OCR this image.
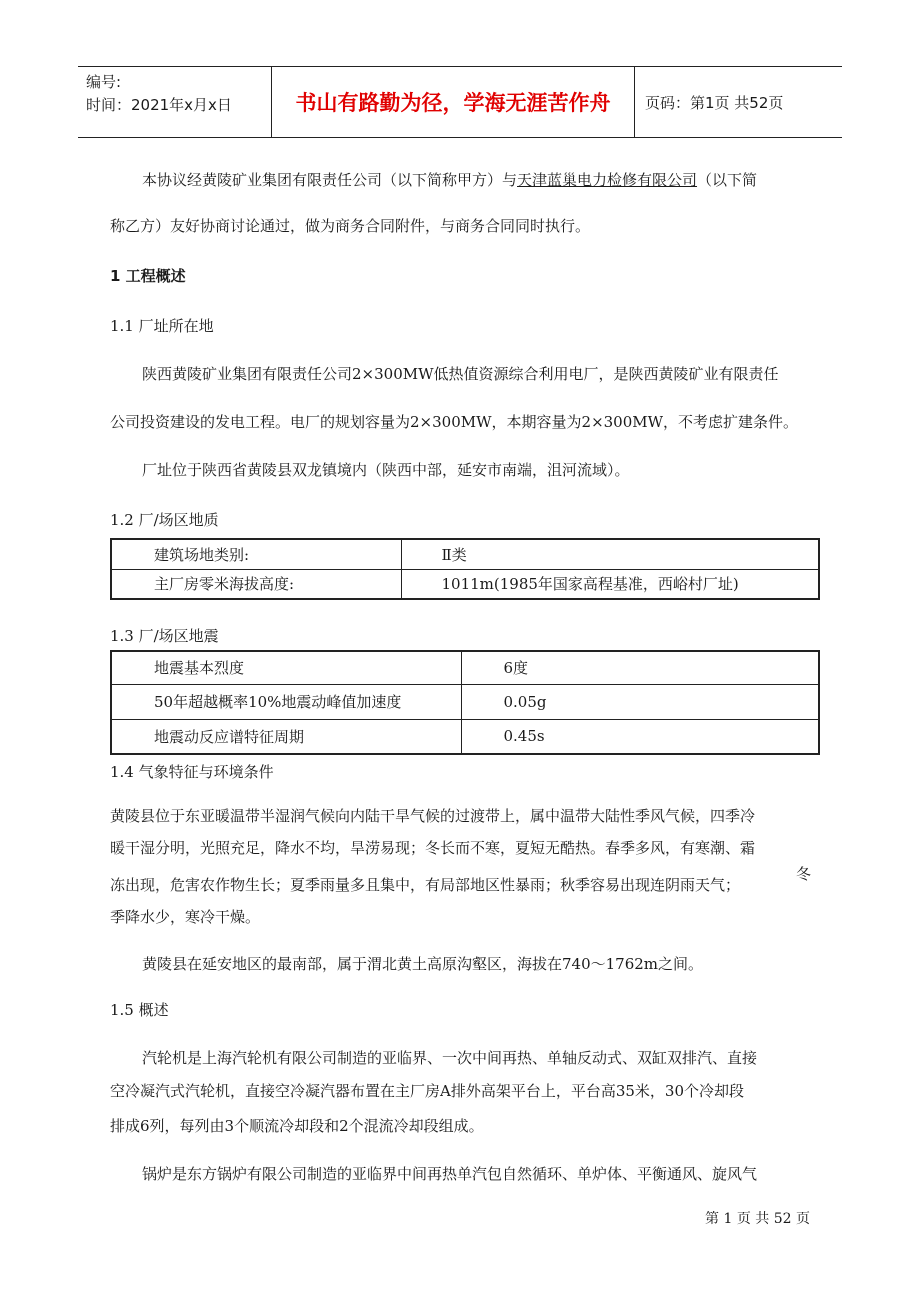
编号:
时间：2021年x月x日	书山有路勤为径，学海无涯苦作舟	页码：第1页 共52页
本协议经黄陵矿业集团有限责任公司（以下简称甲方）与天津蓝巢电力检修有限公司（以下简
称乙方）友好协商讨论通过，做为商务合同附件，与商务合同同时执行。
1 工程概述
1.1 厂址所在地
陕西黄陵矿业集团有限责任公司2×300MW低热值资源综合利用电厂，是陕西黄陵矿业有限责任
公司投资建设的发电工程。电厂的规划容量为2×300MW，本期容量为2×300MW，不考虑扩建条件。
厂址位于陕西省黄陵县双龙镇境内（陕西中部，延安市南端，沮河流域）。
1.2 厂/场区地质
1.3 厂/场区地震
1.4 气象特征与环境条件
黄陵县位于东亚暖温带半湿润气候向内陆干旱气候的过渡带上，属中温带大陆性季风气候，四季冷
暖干湿分明，光照充足，降水不均，旱涝易现；冬长而不寒，夏短无酷热。春季多风，有寒潮、霜
冻出现，危害农作物生长；夏季雨量多且集中，有局部地区性暴雨；秋季容易出现连阴雨天气；
冬
季降水少，寒冷干燥。
黄陵县在延安地区的最南部，属于渭北黄土高原沟壑区，海拔在740～1762m之间。
1.5 概述
汽轮机是上海汽轮机有限公司制造的亚临界、一次中间再热、单轴反动式、双缸双排汽、直接
空冷凝汽式汽轮机，直接空冷凝汽器布置在主厂房A排外高架平台上，平台高35米，30个冷却段
排成6列，每列由3个顺流冷却段和2个混流冷却段组成。
锅炉是东方锅炉有限公司制造的亚临界中间再热单汽包自然循环、单炉体、平衡通风、旋风气
建筑场地类别:	Ⅱ类
主厂房零米海拔高度:	1011m(1985年国家高程基准，西峪村厂址)
地震基本烈度	6度
50年超越概率10%地震动峰值加速度	0.05g
地震动反应谱特征周期	0.45s
第 1 页 共 52 页
